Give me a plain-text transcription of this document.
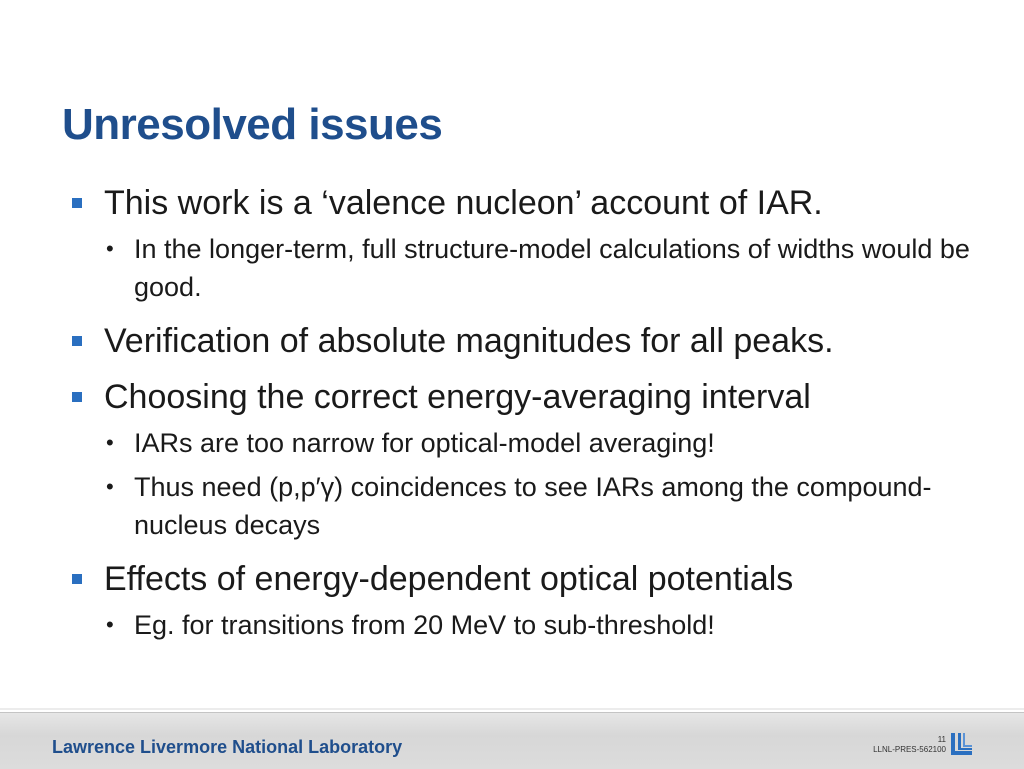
Unresolved issues
This work is a ‘valence nucleon’ account of IAR.
• In the longer-term, full structure-model calculations of widths would be good.
Verification of absolute magnitudes for all peaks.
Choosing the correct energy-averaging interval
• IARs are too narrow for optical-model averaging!
• Thus need (p,p′γ) coincidences to see IARs among the compound-nucleus decays
Effects of energy-dependent optical potentials
• Eg. for transitions from 20 MeV to sub-threshold!
Lawrence Livermore National Laboratory	11
LLNL-PRES-562100
